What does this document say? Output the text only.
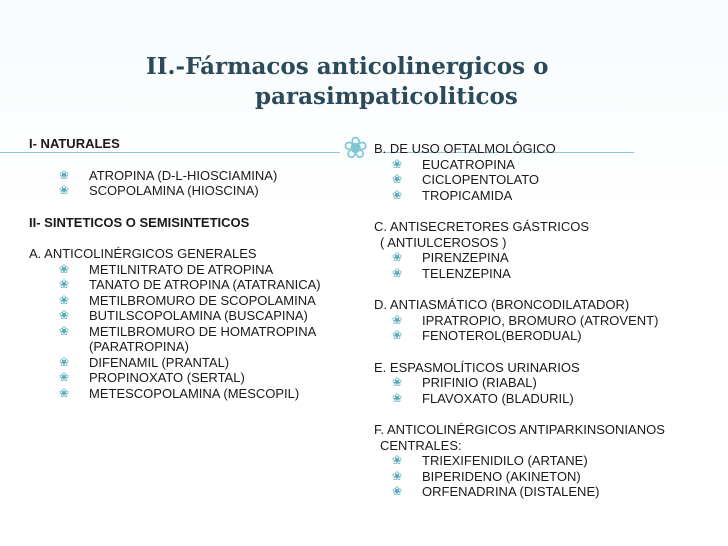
II.-Fármacos anticolinergicos o
parasimpaticoliticos
❀
I- NATURALES
❀ ATROPINA (D-L-HIOSCIAMINA)
❀ SCOPOLAMINA (HIOSCINA)
II- SINTETICOS O SEMISINTETICOS
A. ANTICOLINÉRGICOS GENERALES
❀ METILNITRATO DE ATROPINA
❀ TANATO DE ATROPINA (ATATRANICA)
❀ METILBROMURO DE SCOPOLAMINA
❀ BUTILSCOPOLAMINA (BUSCAPINA)
❀ METILBROMURO DE HOMATROPINA
(PARATROPINA)
❀ DIFENAMIL (PRANTAL)
❀ PROPINOXATO (SERTAL)
❀ METESCOPOLAMINA (MESCOPIL)
B. DE USO OFTALMOLÓGICO
❀ EUCATROPINA
❀ CICLOPENTOLATO
❀ TROPICAMIDA
C. ANTISECRETORES GÁSTRICOS
( ANTIULCEROSOS )
❀ PIRENZEPINA
❀ TELENZEPINA
D. ANTIASMÁTICO (BRONCODILATADOR)
❀ IPRATROPIO, BROMURO (ATROVENT)
❀ FENOTEROL(BERODUAL)
E. ESPASMOLÍTICOS URINARIOS
❀ PRIFINIO (RIABAL)
❀ FLAVOXATO (BLADURIL)
F. ANTICOLINÉRGICOS ANTIPARKINSONIANOS
CENTRALES:
❀ TRIEXIFENIDILO (ARTANE)
❀ BIPERIDENO (AKINETON)
❀ ORFENADRINA (DISTALENE)
